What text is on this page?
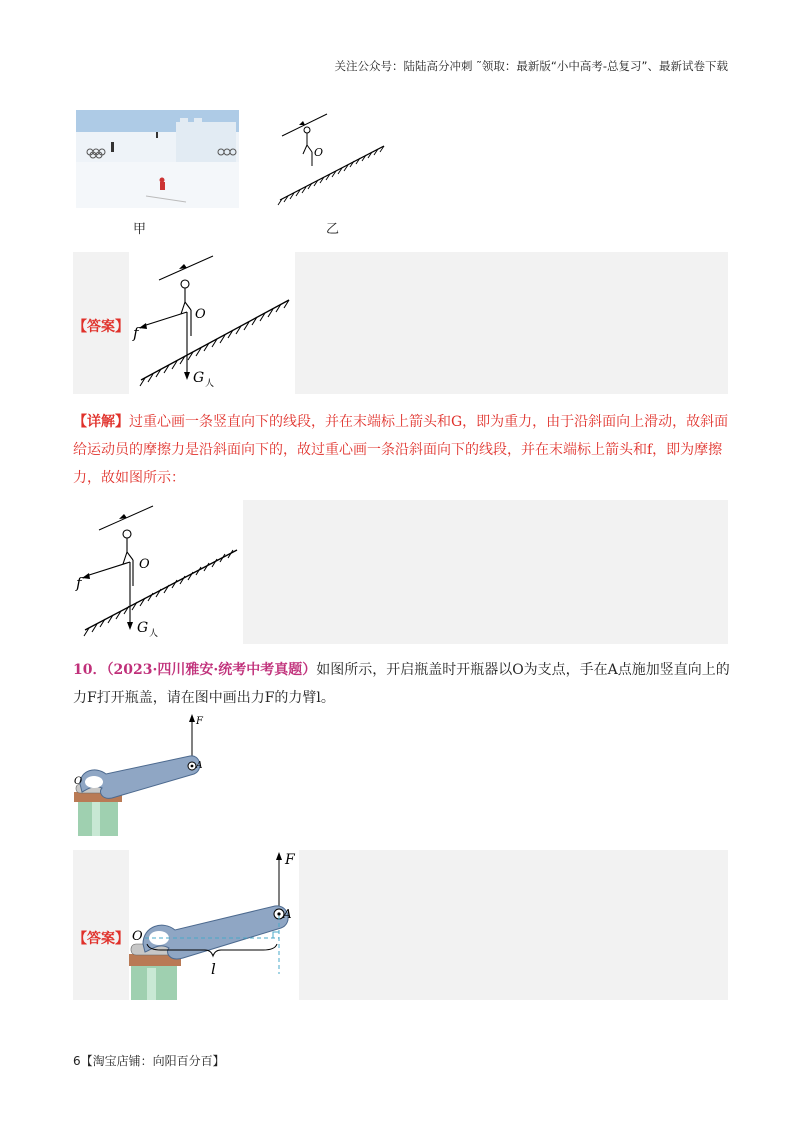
关注公众号：陆陆高分冲刺 ˜领取：最新版“小中高考-总复习”、最新试卷下载
甲
O
乙
【答案】
O
f
G 人
【详解】过重心画一条竖直向下的线段，并在末端标上箭头和G，即为重力，由于沿斜面向上滑动，故斜面给运动员的摩擦力是沿斜面向下的，故过重心画一条沿斜面向下的线段，并在末端标上箭头和f，即为摩擦力，故如图所示：
O
f
G 人
10．（2023·四川雅安·统考中考真题）如图所示，开启瓶盖时开瓶器以O为支点，手在A点施加竖直向上的力F打开瓶盖，请在图中画出力F的力臂l。
F
A
O
【答案】
F
A
O
l
6【淘宝店铺：向阳百分百】
